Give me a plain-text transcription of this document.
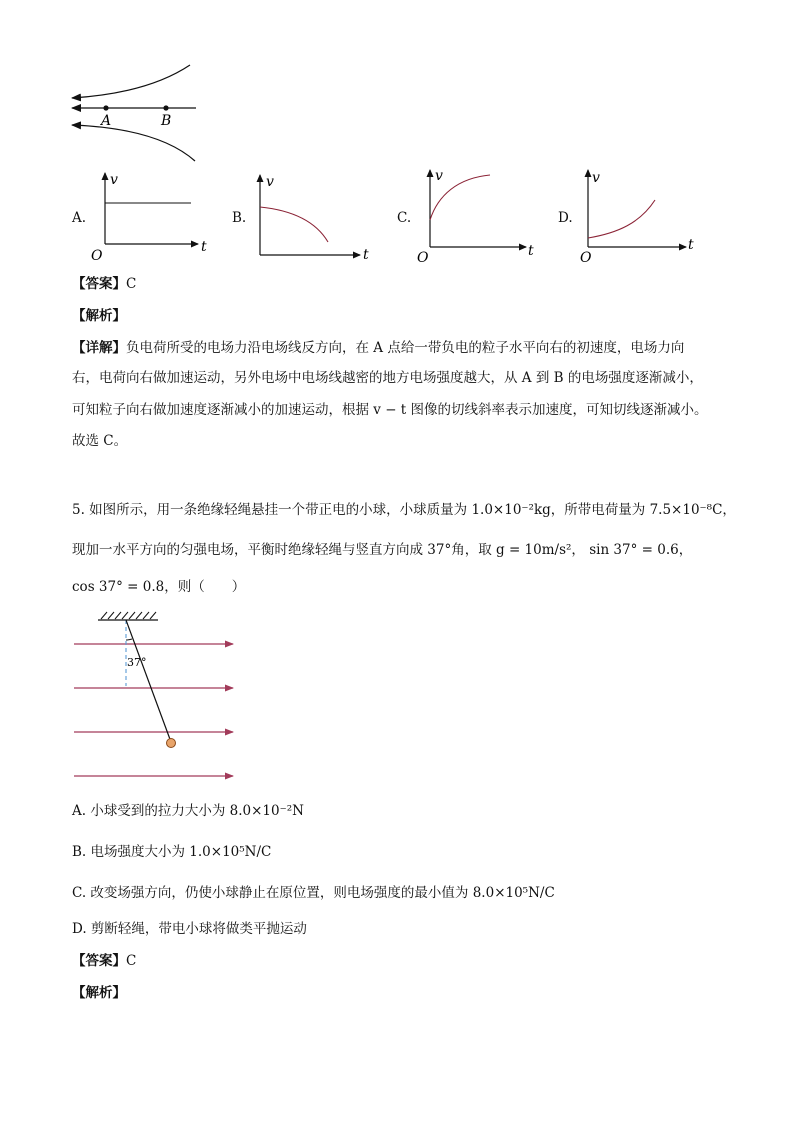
A	B
A.
v
t
O
B.
v
t
C.
v
t
O
D.
v
t
O
【答案】C
【解析】
【详解】负电荷所受的电场力沿电场线反方向，在 A 点给一带负电的粒子水平向右的初速度，电场力向
右，电荷向右做加速运动，另外电场中电场线越密的地方电场强度越大，从 A 到 B 的电场强度逐渐减小，
可知粒子向右做加速度逐渐减小的加速运动，根据 v − t 图像的切线斜率表示加速度，可知切线逐渐减小。
故选 C。
5. 如图所示，用一条绝缘轻绳悬挂一个带正电的小球，小球质量为 1.0×10⁻²kg，所带电荷量为 7.5×10⁻⁸C，
现加一水平方向的匀强电场，平衡时绝缘轻绳与竖直方向成 37°角，取 g = 10m/s²， sin 37° = 0.6，
cos 37° = 0.8，则（　　）
37°
A. 小球受到的拉力大小为 8.0×10⁻²N
B. 电场强度大小为 1.0×10⁵N/C
C. 改变场强方向，仍使小球静止在原位置，则电场强度的最小值为 8.0×10⁵N/C
D. 剪断轻绳，带电小球将做类平抛运动
【答案】C
【解析】
